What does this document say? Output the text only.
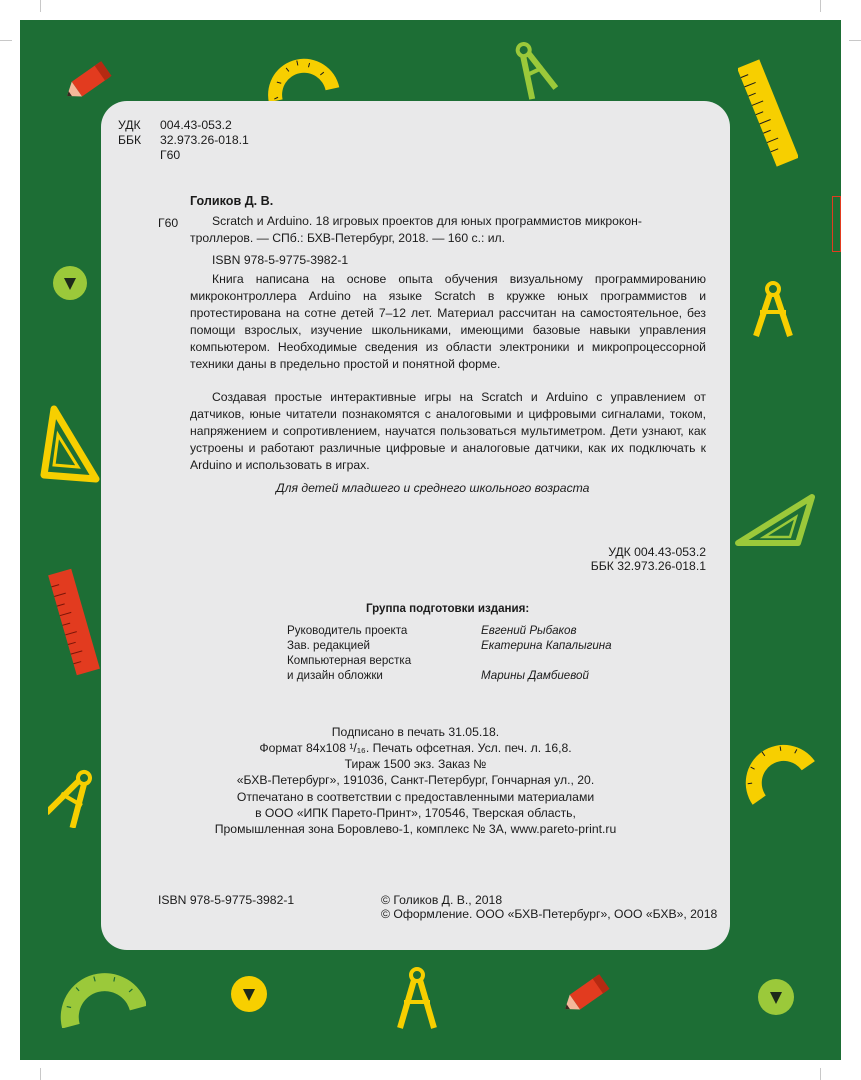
УДК 004.43-053.2
ББК 32.973.26-018.1
Г60
Голиков Д. В.
Г60	Scratch и Arduino. 18 игровых проектов для юных программистов микрокон-
троллеров. — СПб.: БХВ-Петербург, 2018. — 160 с.: ил.
ISBN 978-5-9775-3982-1

Книга написана на основе опыта обучения визуальному программированию микроконтроллера Arduino на языке Scratch в кружке юных программистов и протестирована на сотне детей 7–12 лет. Материал рассчитан на самостоятельное, без помощи взрослых, изучение школьниками, имеющими базовые навыки управления компьютером. Необходимые сведения из области электроники и микропроцессорной техники даны в предельно простой и понятной форме.

Создавая простые интерактивные игры на Scratch и Arduino с управлением от датчиков, юные читатели познакомятся с аналоговыми и цифровыми сигналами, током, напряжением и сопротивлением, научатся пользоваться мультиметром. Дети узнают, как устроены и работают различные цифровые и аналоговые датчики, как их подключать к Arduino и использовать в играх.

Для детей младшего и среднего школьного возраста
УДК 004.43-053.2
ББК 32.973.26-018.1
Группа подготовки издания:
Руководитель проекта	Евгений Рыбаков
Зав. редакцией	Екатерина Капалыгина
Компьютерная верстка
и дизайн обложки	Марины Дамбиевой
Подписано в печать 31.05.18.
Формат 84х108 ¹/₁₆. Печать офсетная. Усл. печ. л. 16,8.
Тираж 1500 экз. Заказ №
«БХВ-Петербург», 191036, Санкт-Петербург, Гончарная ул., 20.
Отпечатано в соответствии с предоставленными материалами
в ООО «ИПК Парето-Принт», 170546, Тверская область,
Промышленная зона Боровлево-1, комплекс № 3А, www.pareto-print.ru
ISBN 978-5-9775-3982-1	© Голиков Д. В., 2018
© Оформление. ООО «БХВ-Петербург», ООО «БХВ», 2018
